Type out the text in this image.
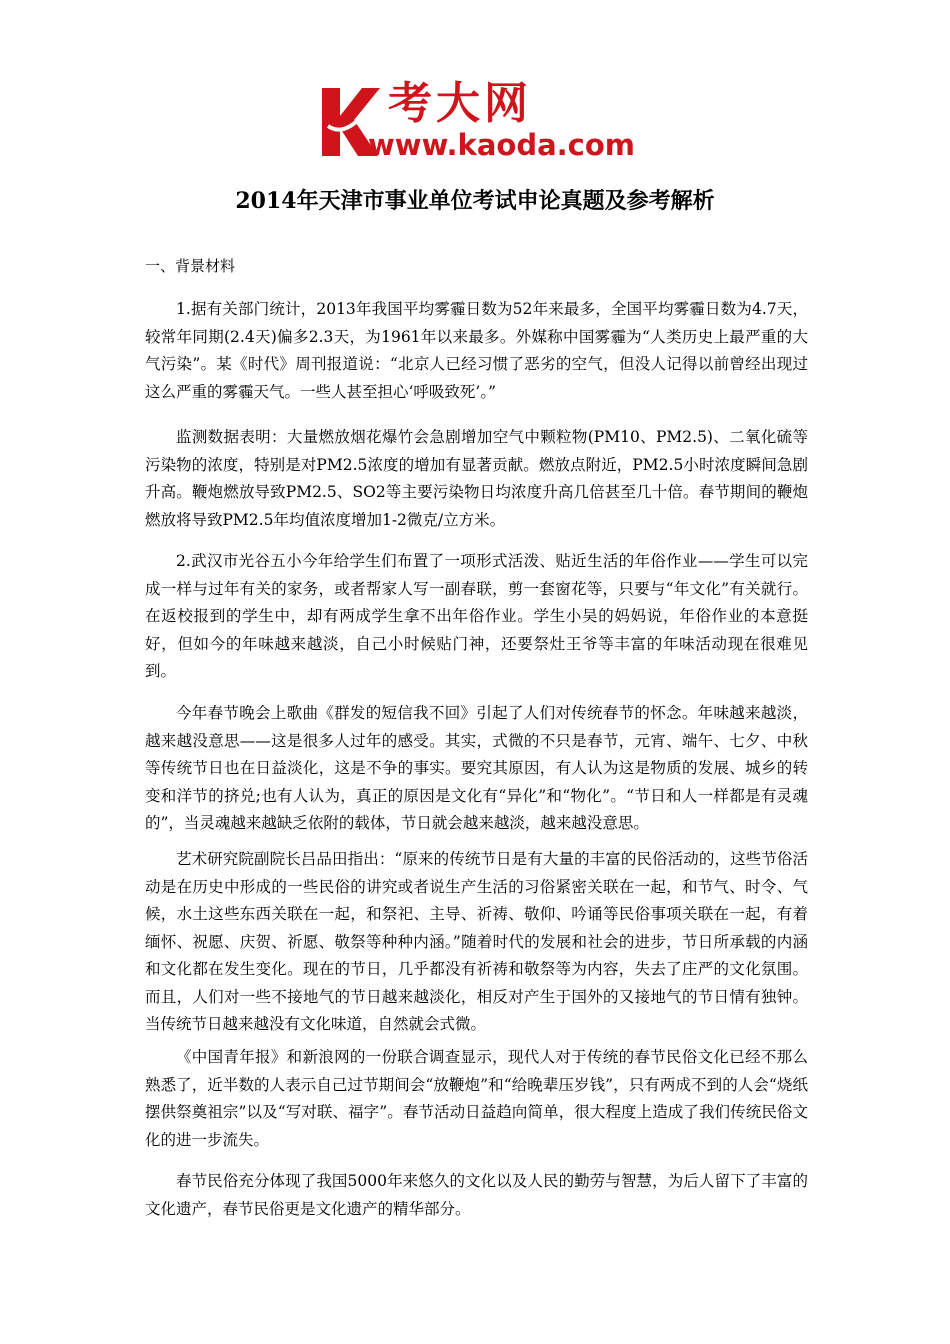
考大网
www.kaoda.com
2014年天津市事业单位考试申论真题及参考解析
一、背景材料

1.据有关部门统计，2013年我国平均雾霾日数为52年来最多，全国平均雾霾日数为4.7天，较常年同期(2.4天)偏多2.3天，为1961年以来最多。外媒称中国雾霾为“人类历史上最严重的大气污染”。某《时代》周刊报道说：“北京人已经习惯了恶劣的空气，但没人记得以前曾经出现过这么严重的雾霾天气。一些人甚至担心‘呼吸致死’。”

监测数据表明：大量燃放烟花爆竹会急剧增加空气中颗粒物(PM10、PM2.5)、二氧化硫等污染物的浓度，特别是对PM2.5浓度的增加有显著贡献。燃放点附近，PM2.5小时浓度瞬间急剧升高。鞭炮燃放导致PM2.5、SO2等主要污染物日均浓度升高几倍甚至几十倍。春节期间的鞭炮燃放将导致PM2.5年均值浓度增加1-2微克/立方米。

2.武汉市光谷五小今年给学生们布置了一项形式活泼、贴近生活的年俗作业——学生可以完成一样与过年有关的家务，或者帮家人写一副春联，剪一套窗花等，只要与“年文化”有关就行。在返校报到的学生中，却有两成学生拿不出年俗作业。学生小吴的妈妈说，年俗作业的本意挺好，但如今的年味越来越淡，自己小时候贴门神，还要祭灶王爷等丰富的年味活动现在很难见到。

今年春节晚会上歌曲《群发的短信我不回》引起了人们对传统春节的怀念。年味越来越淡，越来越没意思——这是很多人过年的感受。其实，式微的不只是春节，元宵、端午、七夕、中秋等传统节日也在日益淡化，这是不争的事实。要究其原因，有人认为这是物质的发展、城乡的转变和洋节的挤兑;也有人认为，真正的原因是文化有“异化”和“物化”。“节日和人一样都是有灵魂的”，当灵魂越来越缺乏依附的载体，节日就会越来越淡，越来越没意思。

艺术研究院副院长吕品田指出：“原来的传统节日是有大量的丰富的民俗活动的，这些节俗活动是在历史中形成的一些民俗的讲究或者说生产生活的习俗紧密关联在一起，和节气、时令、气候，水土这些东西关联在一起，和祭祀、主导、祈祷、敬仰、吟诵等民俗事项关联在一起，有着缅怀、祝愿、庆贺、祈愿、敬祭等种种内涵。”随着时代的发展和社会的进步，节日所承载的内涵和文化都在发生变化。现在的节日，几乎都没有祈祷和敬祭等为内容，失去了庄严的文化氛围。而且，人们对一些不接地气的节日越来越淡化，相反对产生于国外的又接地气的节日情有独钟。当传统节日越来越没有文化味道，自然就会式微。

《中国青年报》和新浪网的一份联合调查显示，现代人对于传统的春节民俗文化已经不那么熟悉了，近半数的人表示自己过节期间会“放鞭炮”和“给晚辈压岁钱”，只有两成不到的人会“烧纸摆供祭奠祖宗”以及“写对联、福字”。春节活动日益趋向简单，很大程度上造成了我们传统民俗文化的进一步流失。

春节民俗充分体现了我国5000年来悠久的文化以及人民的勤劳与智慧，为后人留下了丰富的文化遗产，春节民俗更是文化遗产的精华部分。
